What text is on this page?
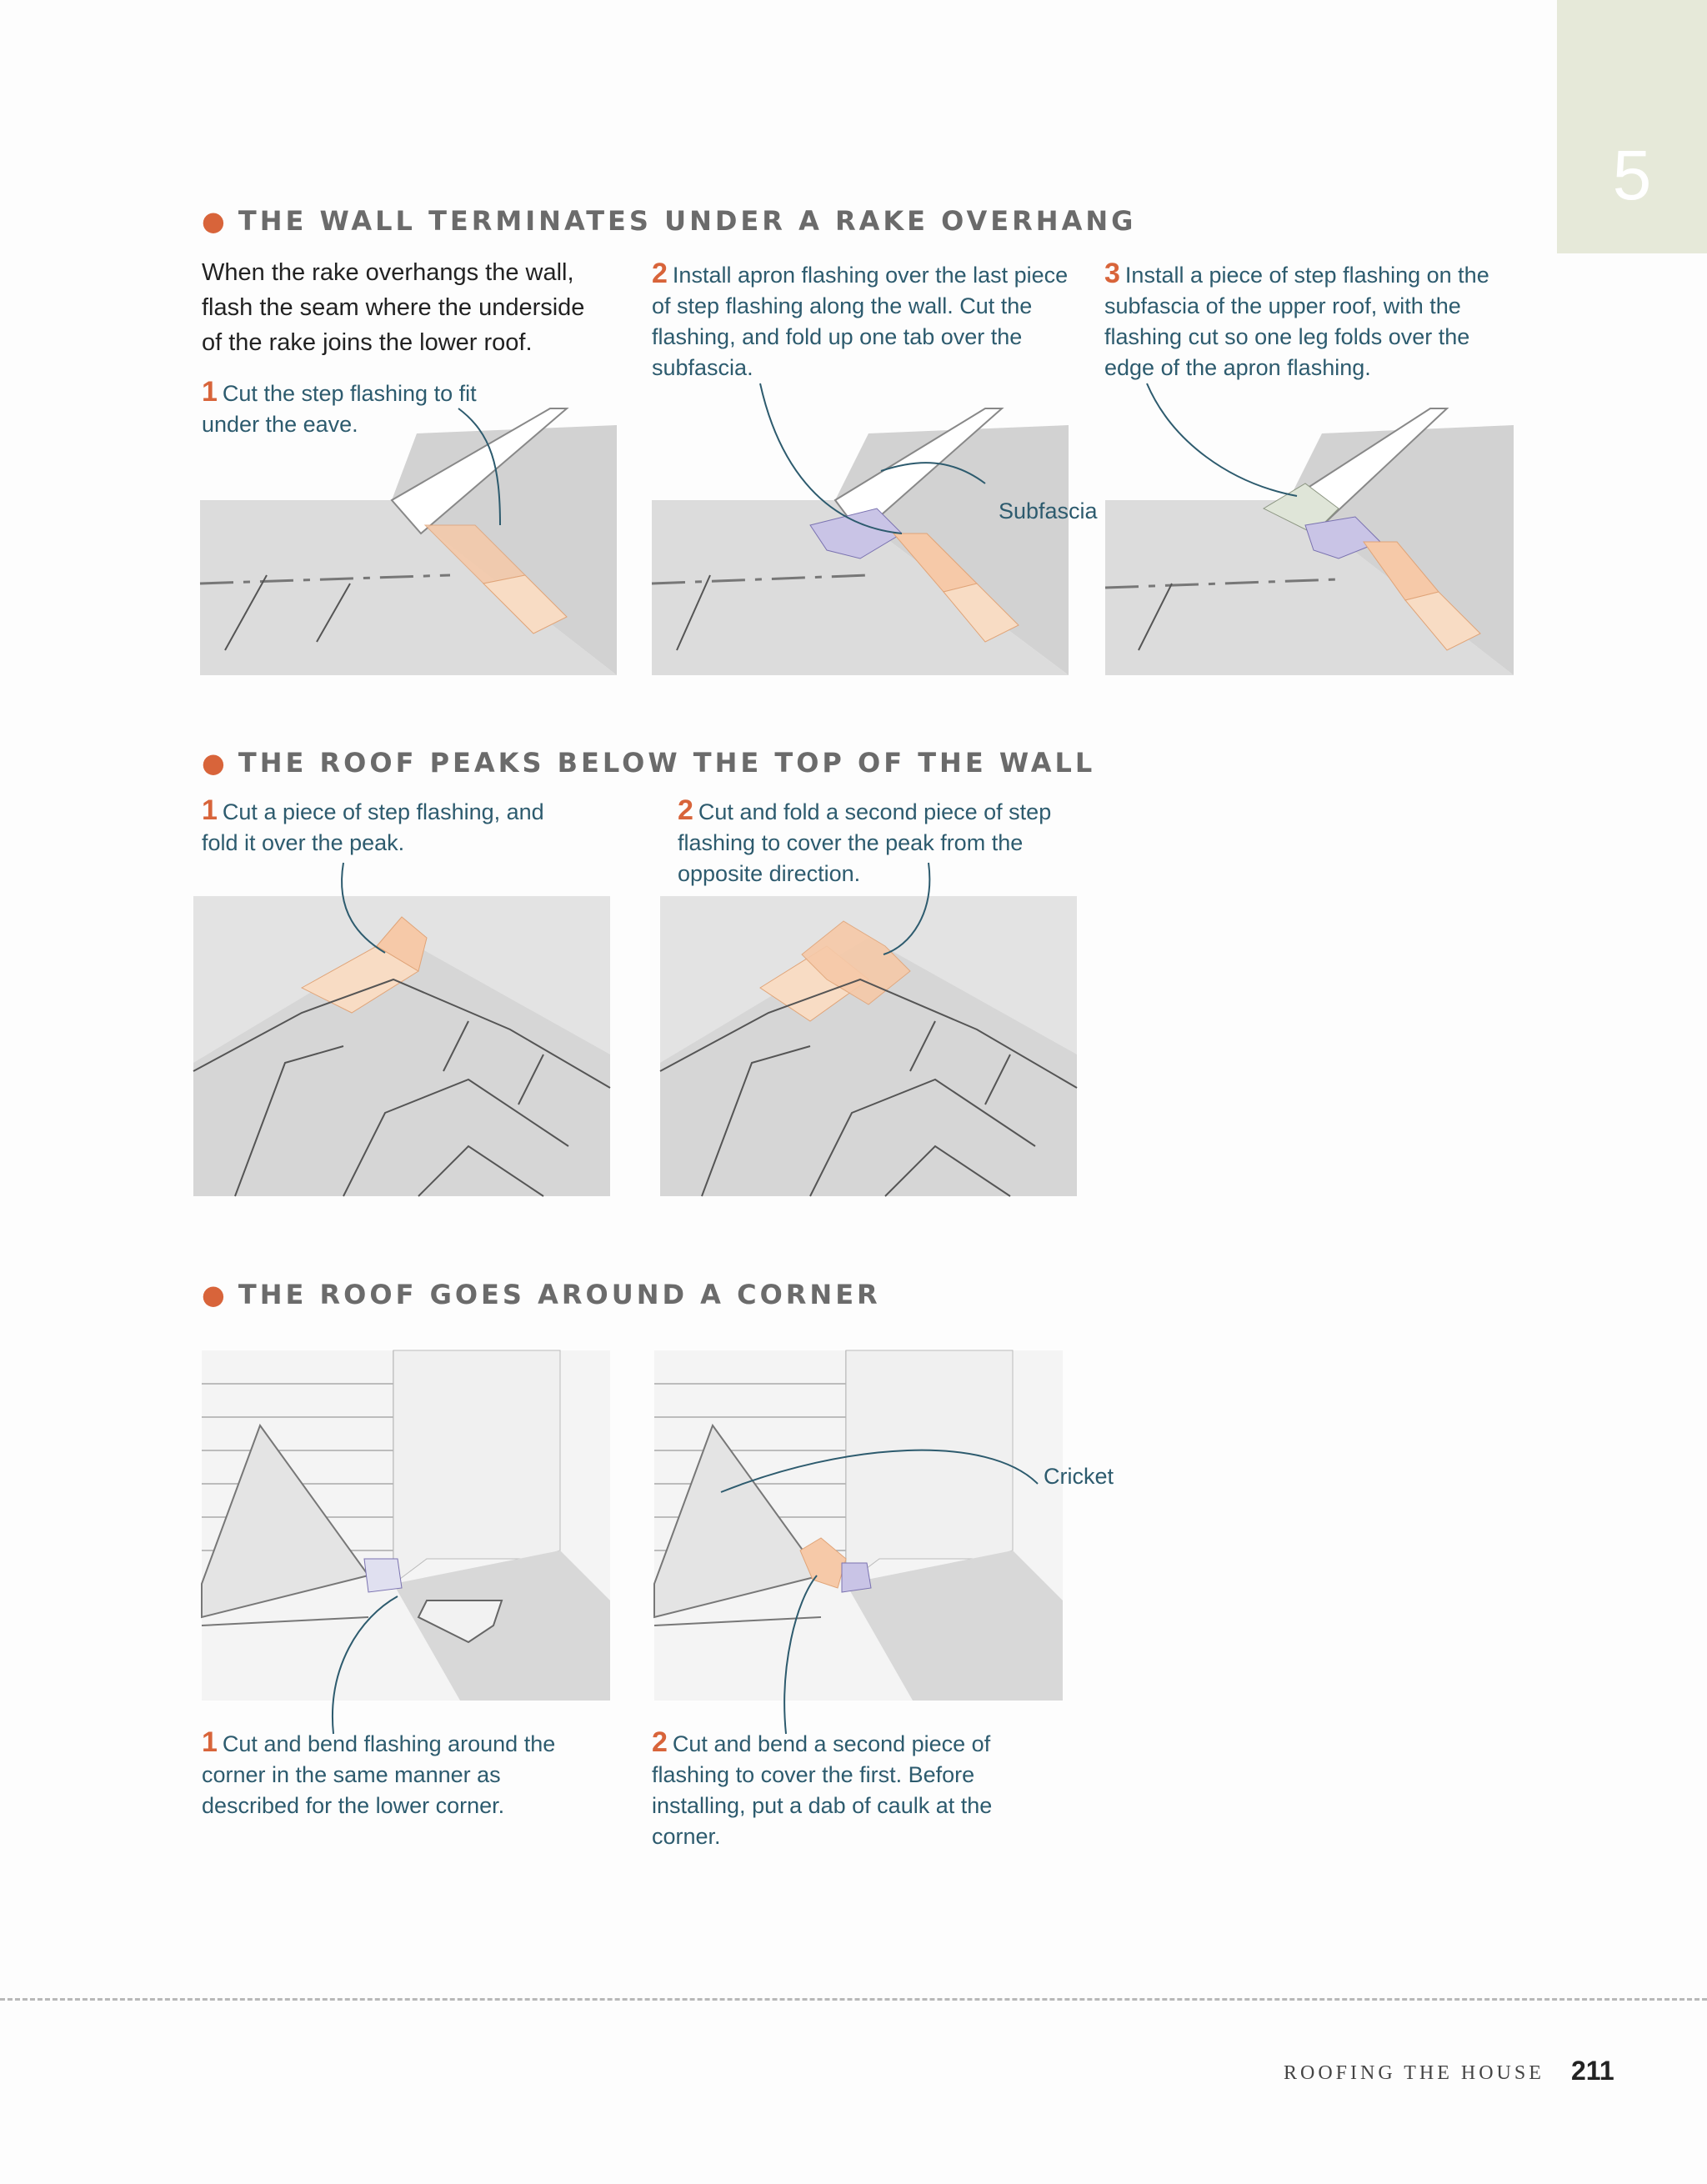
5
● THE WALL TERMINATES UNDER A RAKE OVERHANG
When the rake overhangs the wall, flash the seam where the underside of the rake joins the lower roof.
1 Cut the step flashing to fit under the eave.
2 Install apron flashing over the last piece of step flashing along the wall. Cut the flashing, and fold up one tab over the subfascia.
3 Install a piece of step flashing on the subfascia of the upper roof, with the flashing cut so one leg folds over the edge of the apron flashing.
Subfascia
● THE ROOF PEAKS BELOW THE TOP OF THE WALL
1 Cut a piece of step flashing, and fold it over the peak.
2 Cut and fold a second piece of step flashing to cover the peak from the opposite direction.
● THE ROOF GOES AROUND A CORNER
Cricket
1 Cut and bend flashing around the corner in the same manner as described for the lower corner.
2 Cut and bend a second piece of flashing to cover the first. Before installing, put a dab of caulk at the corner.
ROOFING THE HOUSE 211
